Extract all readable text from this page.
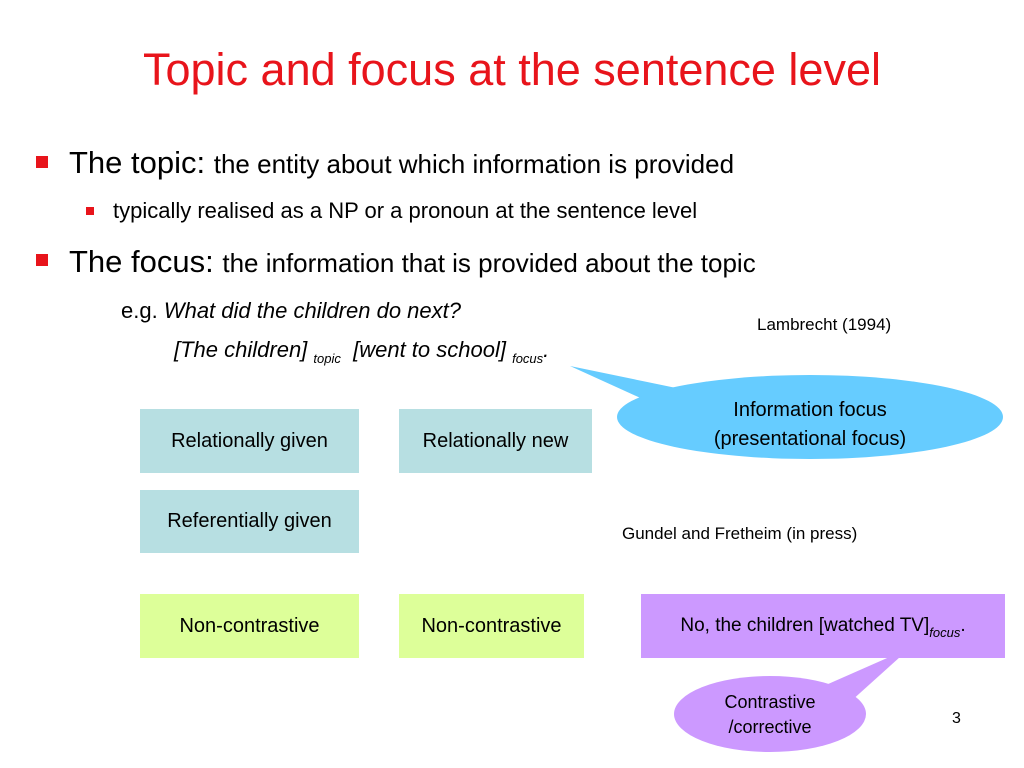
Topic and focus at the sentence level
The topic: the entity about which information is provided
typically realised as a NP or a pronoun at the sentence level
The focus: the information that is provided about the topic
e.g. What did the children do next?
[The children] $_{topic}$ [went to school] $_{focus}$.
Lambrecht (1994)
Gundel and Fretheim (in press)
Information focus
(presentational focus)
Relationally given	Relationally new
Referentially given
Non-contrastive	Non-contrastive	No, the children [watched TV] focus .
Contrastive
/corrective	3
